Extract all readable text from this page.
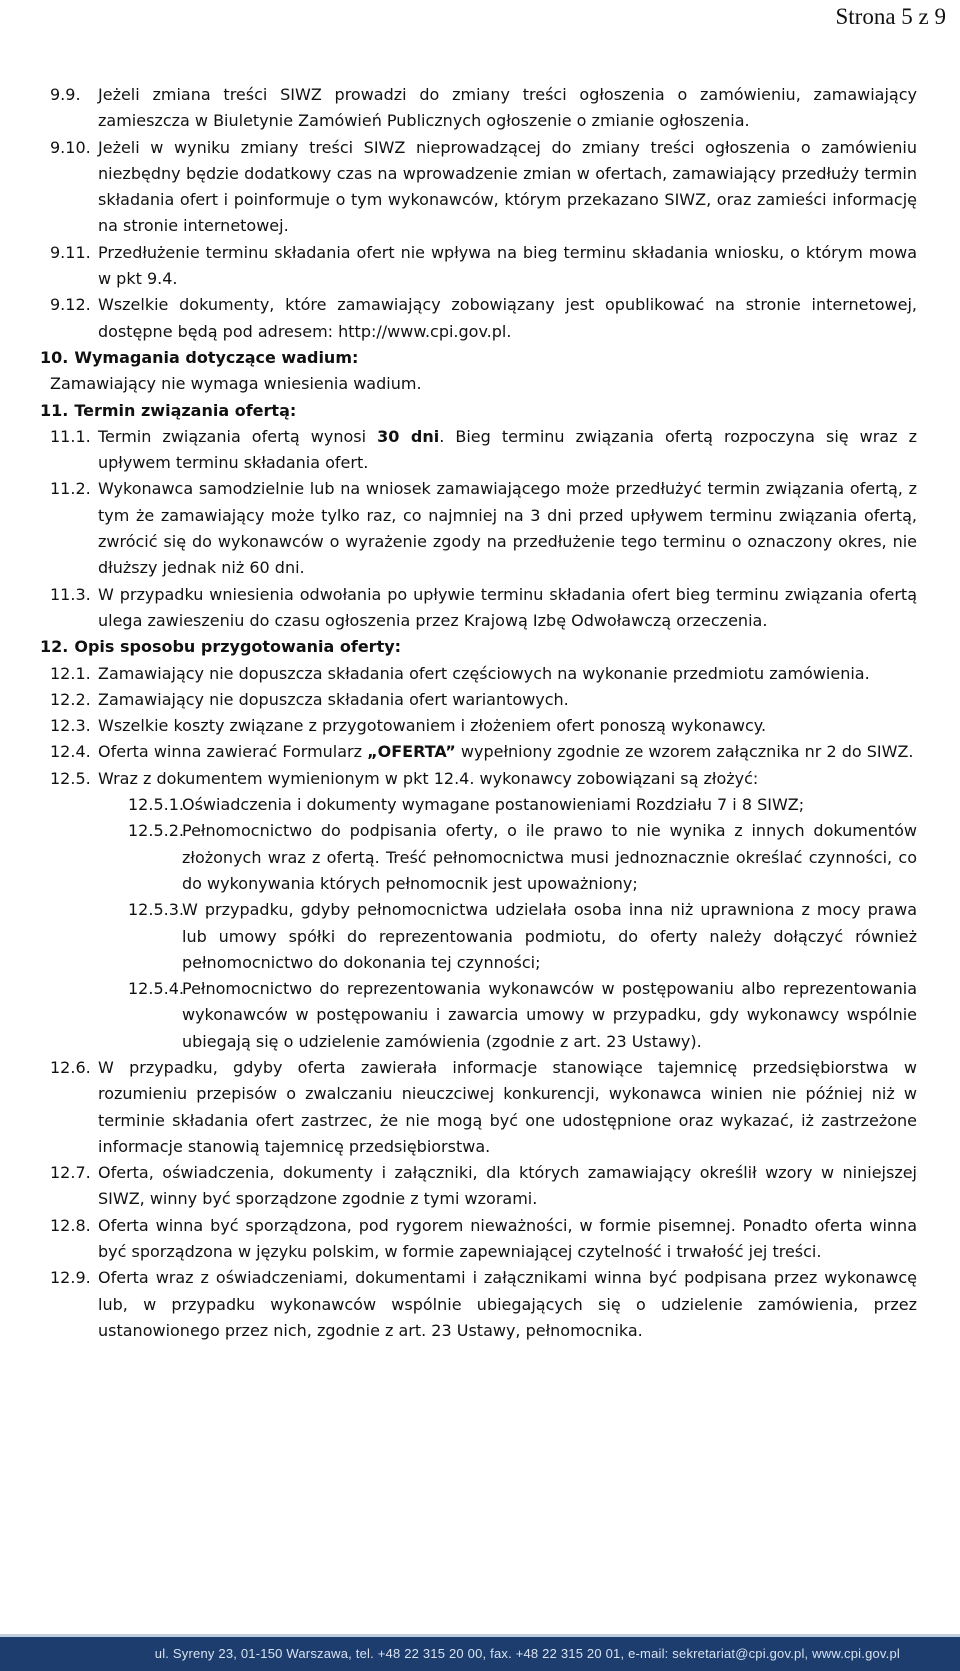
Strona 5 z 9
9.9.	Jeżeli zmiana treści SIWZ prowadzi do zmiany treści ogłoszenia o zamówieniu, zamawiający zamieszcza w Biuletynie Zamówień Publicznych ogłoszenie o zmianie ogłoszenia.
9.10. Jeżeli w wyniku zmiany treści SIWZ nieprowadzącej do zmiany treści ogłoszenia o zamówieniu niezbędny będzie dodatkowy czas na wprowadzenie zmian w ofertach, zamawiający przedłuży termin składania ofert i poinformuje o tym wykonawców, którym przekazano SIWZ, oraz zamieści informację na stronie internetowej.
9.11. Przedłużenie terminu składania ofert nie wpływa na bieg terminu składania wniosku, o którym mowa w pkt 9.4.
9.12. Wszelkie dokumenty, które zamawiający zobowiązany jest opublikować na stronie internetowej, dostępne będą pod adresem: http://www.cpi.gov.pl.
10. Wymagania dotyczące wadium:
Zamawiający nie wymaga wniesienia wadium.
11. Termin związania ofertą:
11.1. Termin związania ofertą wynosi 30 dni. Bieg terminu związania ofertą rozpoczyna się wraz z upływem terminu składania ofert.
11.2. Wykonawca samodzielnie lub na wniosek zamawiającego może przedłużyć termin związania ofertą, z tym że zamawiający może tylko raz, co najmniej na 3 dni przed upływem terminu związania ofertą, zwrócić się do wykonawców o wyrażenie zgody na przedłużenie tego terminu o oznaczony okres, nie dłuższy jednak niż 60 dni.
11.3. W przypadku wniesienia odwołania po upływie terminu składania ofert bieg terminu związania ofertą ulega zawieszeniu do czasu ogłoszenia przez Krajową Izbę Odwoławczą orzeczenia.
12. Opis sposobu przygotowania oferty:
12.1. Zamawiający nie dopuszcza składania ofert częściowych na wykonanie przedmiotu zamówienia.
12.2. Zamawiający nie dopuszcza składania ofert wariantowych.
12.3. Wszelkie koszty związane z przygotowaniem i złożeniem ofert ponoszą wykonawcy.
12.4. Oferta winna zawierać Formularz „OFERTA” wypełniony zgodnie ze wzorem załącznika nr 2 do SIWZ.
12.5. Wraz z dokumentem wymienionym w pkt 12.4. wykonawcy zobowiązani są złożyć:
12.5.1.
Oświadczenia i dokumenty wymagane postanowieniami Rozdziału 7 i 8 SIWZ;
12.5.2.
Pełnomocnictwo do podpisania oferty, o ile prawo to nie wynika z innych dokumentów złożonych wraz z ofertą. Treść pełnomocnictwa musi jednoznacznie określać czynności, co do wykonywania których pełnomocnik jest upoważniony;
12.5.3.
W przypadku, gdyby pełnomocnictwa udzielała osoba inna niż uprawniona z mocy prawa lub umowy spółki do reprezentowania podmiotu, do oferty należy dołączyć również pełnomocnictwo do dokonania tej czynności;
12.5.4.
Pełnomocnictwo do reprezentowania wykonawców w postępowaniu albo reprezentowania wykonawców w postępowaniu i zawarcia umowy w przypadku, gdy wykonawcy wspólnie ubiegają się o udzielenie zamówienia (zgodnie z art. 23 Ustawy).
12.6. W przypadku, gdyby oferta zawierała informacje stanowiące tajemnicę przedsiębiorstwa w rozumieniu przepisów o zwalczaniu nieuczciwej konkurencji, wykonawca winien nie później niż w terminie składania ofert zastrzec, że nie mogą być one udostępnione oraz wykazać, iż zastrzeżone informacje stanowią tajemnicę przedsiębiorstwa.
12.7. Oferta, oświadczenia, dokumenty i załączniki, dla których zamawiający określił wzory w niniejszej SIWZ, winny być sporządzone zgodnie z tymi wzorami.
12.8. Oferta winna być sporządzona, pod rygorem nieważności, w formie pisemnej. Ponadto oferta winna być sporządzona w języku polskim, w formie zapewniającej czytelność i trwałość jej treści.
12.9. Oferta wraz z oświadczeniami, dokumentami i załącznikami winna być podpisana przez wykonawcę lub, w przypadku wykonawców wspólnie ubiegających się o udzielenie zamówienia, przez ustanowionego przez nich, zgodnie z art. 23 Ustawy, pełnomocnika.
ul. Syreny 23, 01-150 Warszawa, tel. +48 22 315 20 00, fax. +48 22 315 20 01, e-mail: sekretariat@cpi.gov.pl, www.cpi.gov.pl
